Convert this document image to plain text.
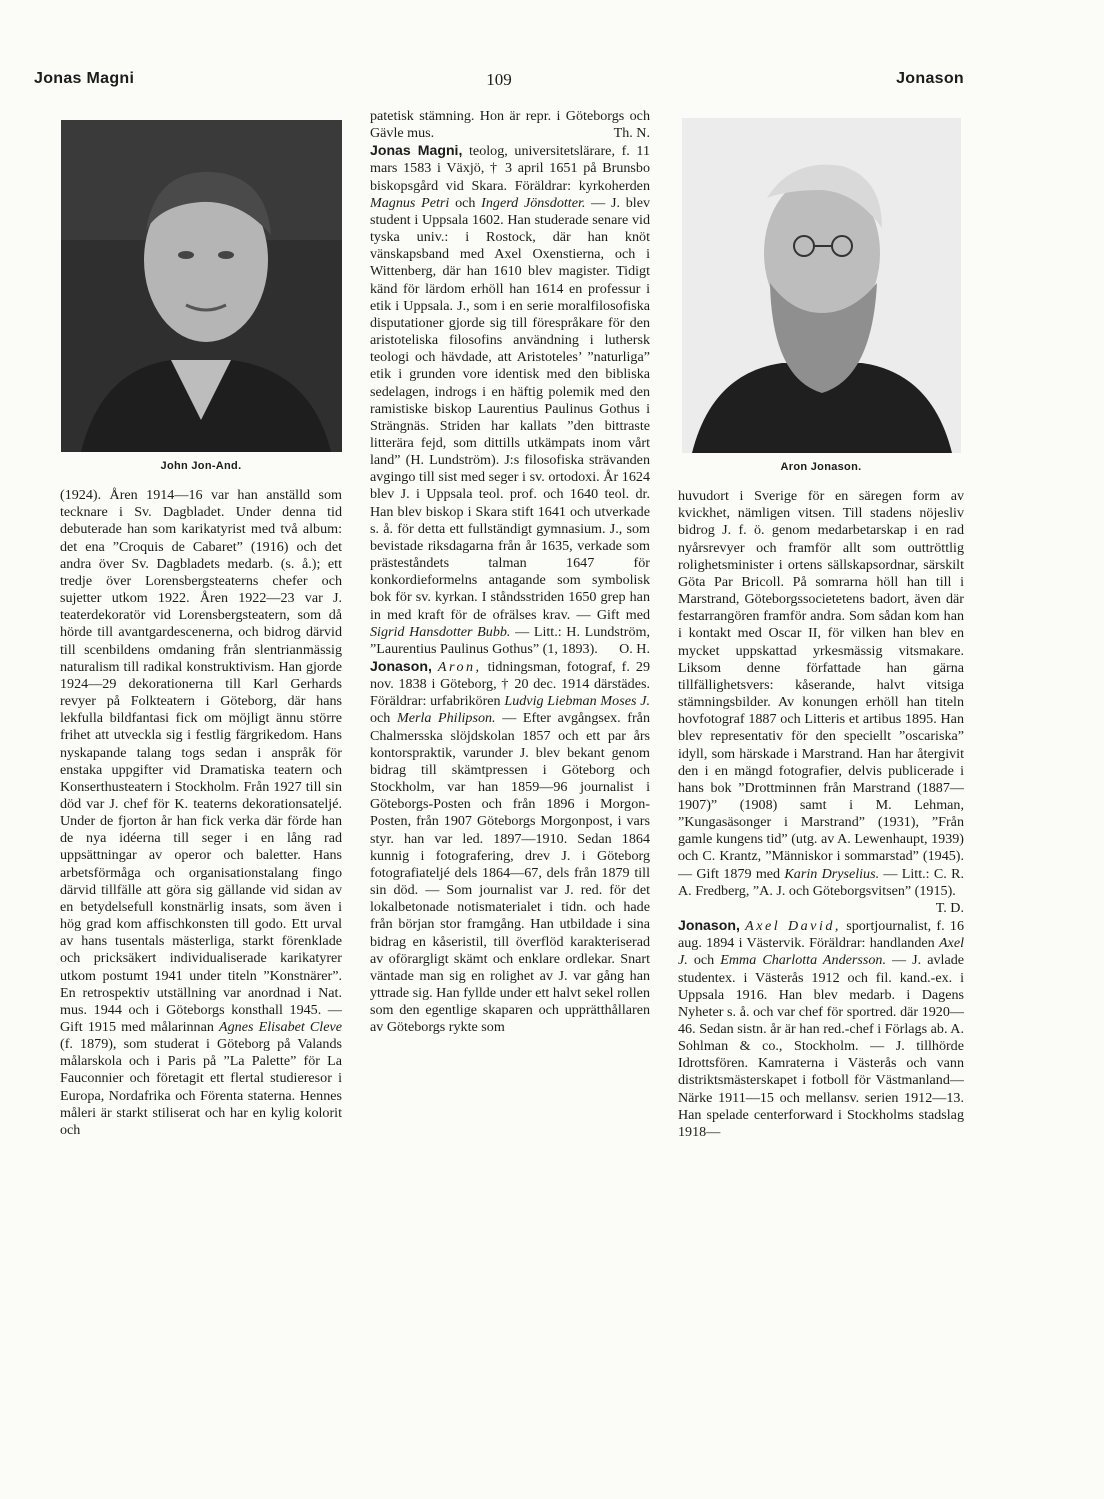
Jonas Magni	109	Jonason
John Jon-And.

(1924). Åren 1914—16 var han anställd som tecknare i Sv. Dagbladet. Under denna tid debuterade han som karikatyrist med två album: det ena ”Croquis de Cabaret” (1916) och det andra över Sv. Dagbladets medarb. (s. å.); ett tredje över Lorensbergsteaterns chefer och sujetter utkom 1922. Åren 1922—23 var J. teaterdekoratör vid Lorensbergsteatern, som då hörde till avantgardescenerna, och bidrog därvid till scenbildens omdaning från slentrianmässig naturalism till radikal konstruktivism. Han gjorde 1924—29 dekorationerna till Karl Gerhards revyer på Folkteatern i Göteborg, där hans lekfulla bildfantasi fick om möjligt ännu större frihet att utveckla sig i festlig färgrikedom. Hans nyskapande talang togs sedan i anspråk för enstaka uppgifter vid Dramatiska teatern och Konserthusteatern i Stockholm. Från 1927 till sin död var J. chef för K. teaterns dekorationsateljé. Under de fjorton år han fick verka där förde han de nya idéerna till seger i en lång rad uppsättningar av operor och baletter. Hans arbetsförmåga och organisationstalang fingo därvid tillfälle att göra sig gällande vid sidan av en betydelsefull konstnärlig insats, som även i hög grad kom affischkonsten till godo. Ett urval av hans tusentals mästerliga, starkt förenklade och pricksäkert individualiserade karikatyrer utkom postumt 1941 under titeln ”Konstnärer”. En retrospektiv utställning var anordnad i Nat. mus. 1944 och i Göteborgs konsthall 1945. — Gift 1915 med målarinnan Agnes Elisabet Cleve (f. 1879), som studerat i Göteborg på Valands målarskola och i Paris på ”La Palette” för La Fauconnier och företagit ett flertal studieresor i Europa, Nordafrika och Förenta staterna. Hennes måleri är starkt stiliserat och har en kylig kolorit och

patetisk stämning. Hon är repr. i Göteborgs och Gävle mus.	Th. N.

Jonas Magni, teolog, universitetslärare, f. 11 mars 1583 i Växjö, † 3 april 1651 på Brunsbo biskopsgård vid Skara. Föräldrar: kyrkoherden Magnus Petri och Ingerd Jönsdotter. — J. blev student i Uppsala 1602. Han studerade senare vid tyska univ.: i Rostock, där han knöt vänskapsband med Axel Oxenstierna, och i Wittenberg, där han 1610 blev magister. Tidigt känd för lärdom erhöll han 1614 en professur i etik i Uppsala. J., som i en serie moralfilosofiska disputationer gjorde sig till förespråkare för den aristoteliska filosofins användning i luthersk teologi och hävdade, att Aristoteles’ ”naturliga” etik i grunden vore identisk med den bibliska sedelagen, indrogs i en häftig polemik med den ramistiske biskop Laurentius Paulinus Gothus i Strängnäs. Striden har kallats ”den bittraste litterära fejd, som dittills utkämpats inom vårt land” (H. Lundström). J:s filosofiska strävanden avgingo till sist med seger i sv. ortodoxi. År 1624 blev J. i Uppsala teol. prof. och 1640 teol. dr. Han blev biskop i Skara stift 1641 och utverkade s. å. för detta ett fullständigt gymnasium. J., som bevistade riksdagarna från år 1635, verkade som prästeståndets talman 1647 för konkordieformelns antagande som symbolisk bok för sv. kyrkan. I ståndsstriden 1650 grep han in med kraft för de ofrälses krav. — Gift med Sigrid Hansdotter Bubb. — Litt.: H. Lundström, ”Laurentius Paulinus Gothus” (1, 1893). O. H.

Jonason, Aron, tidningsman, fotograf, f. 29 nov. 1838 i Göteborg, † 20 dec. 1914 därstädes. Föräldrar: urfabrikören Ludvig Liebman Moses J. och Merla Philipson. — Efter avgångsex. från Chalmersska slöjdskolan 1857 och ett par års kontorspraktik, varunder J. blev bekant genom bidrag till skämtpressen i Göteborg och Stockholm, var han 1859—96 journalist i Göteborgs-Posten och från 1896 i Morgon-Posten, från 1907 Göteborgs Morgonpost, i vars styr. han var led. 1897—1910. Sedan 1864 kunnig i fotografering, drev J. i Göteborg fotografiateljé dels 1864—67, dels från 1879 till sin död. — Som journalist var J. red. för det lokalbetonade notismaterialet i tidn. och hade från början stor framgång. Han utbildade i sina bidrag en kåseristil, till överflöd karakteriserad av oförargligt skämt och enklare ordlekar. Snart väntade man sig en rolighet av J. var gång han yttrade sig. Han fyllde under ett halvt sekel rollen som den egentlige skaparen och upprätthållaren av Göteborgs rykte som

Aron Jonason.

huvudort i Sverige för en säregen form av kvickhet, nämligen vitsen. Till stadens nöjesliv bidrog J. f. ö. genom medarbetarskap i en rad nyårsrevyer och framför allt som outtröttlig rolighetsminister i ortens sällskapsordnar, särskilt Göta Par Bricoll. På somrarna höll han till i Marstrand, Göteborgssocietetens badort, även där festarrangören framför andra. Som sådan kom han i kontakt med Oscar II, för vilken han blev en mycket uppskattad yrkesmässig vitsmakare. Liksom denne författade han gärna tillfällighetsvers: kåserande, halvt vitsiga stämningsbilder. Av konungen erhöll han titeln hovfotograf 1887 och Litteris et artibus 1895. Han blev representativ för den speciellt ”oscariska” idyll, som härskade i Marstrand. Han har återgivit den i en mängd fotografier, delvis publicerade i hans bok ”Drottminnen från Marstrand (1887—1907)” (1908) samt i M. Lehman, ”Kungasäsonger i Marstrand” (1931), ”Från gamle kungens tid” (utg. av A. Lewenhaupt, 1939) och C. Krantz, ”Människor i sommarstad” (1945). — Gift 1879 med Karin Dryselius. — Litt.: C. R. A. Fredberg, ”A. J. och Göteborgsvitsen” (1915).
T. D.

Jonason, Axel David, sportjournalist, f. 16 aug. 1894 i Västervik. Föräldrar: handlanden Axel J. och Emma Charlotta Andersson. — J. avlade studentex. i Västerås 1912 och fil. kand.-ex. i Uppsala 1916. Han blev medarb. i Dagens Nyheter s. å. och var chef för sportred. där 1920—46. Sedan sistn. år är han red.-chef i Förlags ab. A. Sohlman & co., Stockholm. — J. tillhörde Idrottsfören. Kamraterna i Västerås och vann distriktsmästerskapet i fotboll för Västmanland—Närke 1911—15 och mellansv. serien 1912—13. Han spelade centerforward i Stockholms stadslag 1918—
